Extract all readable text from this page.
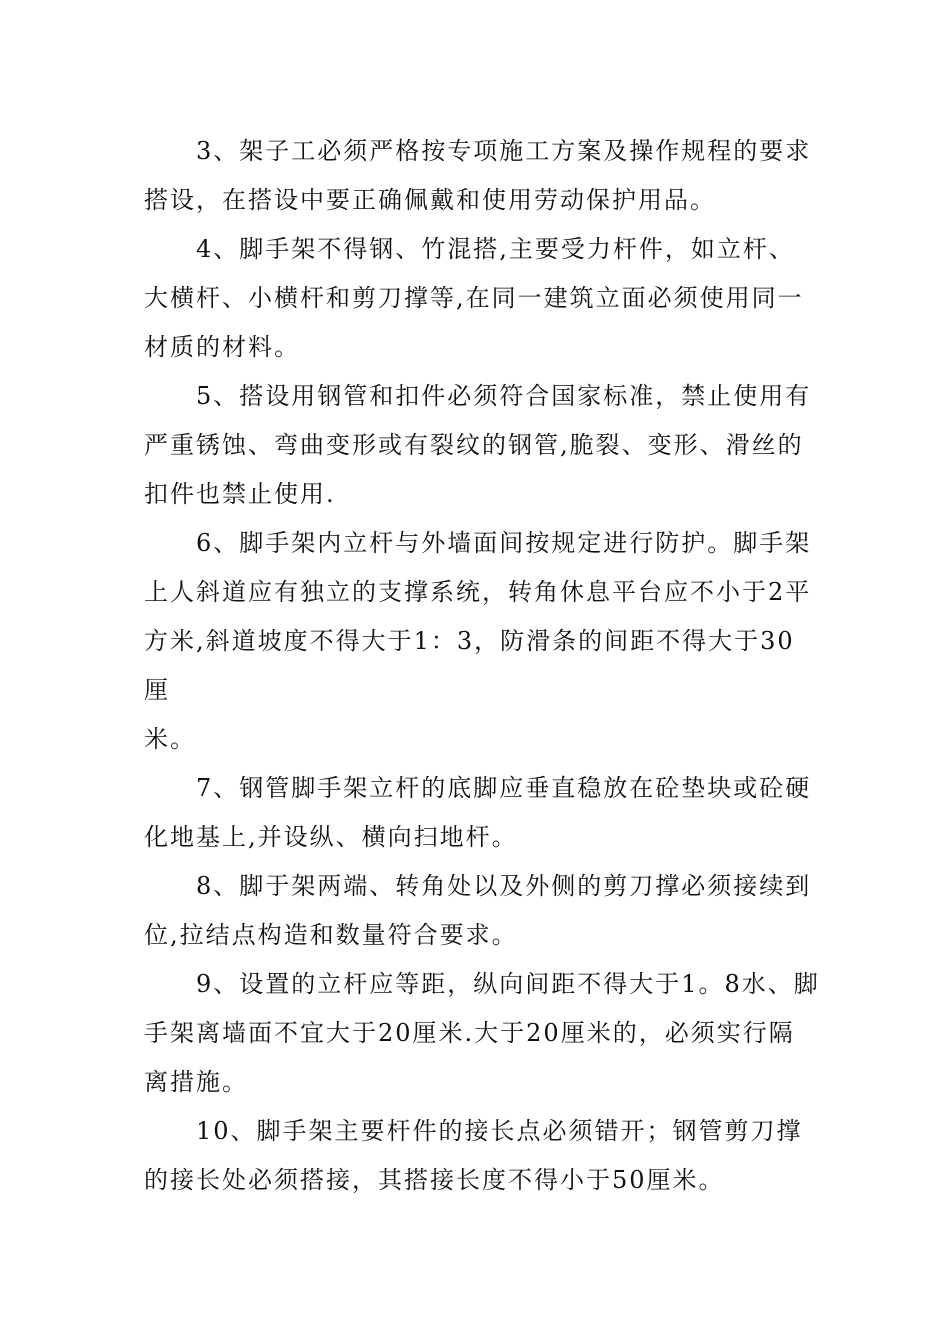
3、架子工必须严格按专项施工方案及操作规程的要求
搭设，在搭设中要正确佩戴和使用劳动保护用品。
4、脚手架不得钢、竹混搭,主要受力杆件，如立杆、
大横杆、小横杆和剪刀撑等,在同一建筑立面必须使用同一
材质的材料。
5、搭设用钢管和扣件必须符合国家标准，禁止使用有
严重锈蚀、弯曲变形或有裂纹的钢管,脆裂、变形、滑丝的
扣件也禁止使用.
6、脚手架内立杆与外墙面间按规定进行防护。脚手架
上人斜道应有独立的支撑系统，转角休息平台应不小于2平
方米,斜道坡度不得大于1：3，防滑条的间距不得大于30
厘
米。
7、钢管脚手架立杆的底脚应垂直稳放在砼垫块或砼硬
化地基上,并设纵、横向扫地杆。
8、脚于架两端、转角处以及外侧的剪刀撑必须接续到
位,拉结点构造和数量符合要求。
9、设置的立杆应等距，纵向间距不得大于1。8水、脚
手架离墙面不宜大于20厘米.大于20厘米的，必须实行隔
离措施。
10、脚手架主要杆件的接长点必须错开；钢管剪刀撑
的接长处必须搭接，其搭接长度不得小于50厘米。
